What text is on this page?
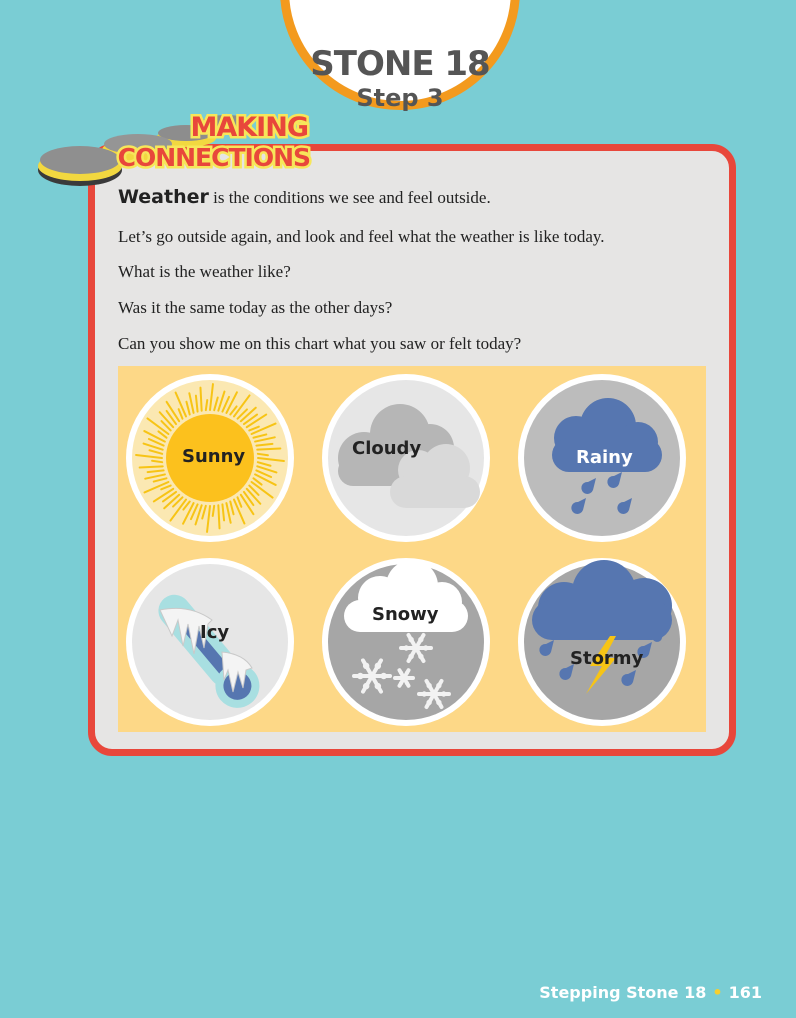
STONE 18
Step 3
MAKING
CONNECTIONS
Weather is the conditions we see and feel outside.
Let’s go outside again, and look and feel what the weather is like today.
What is the weather like?
Was it the same today as the other days?
Can you show me on this chart what you saw or felt today?
Sunny	Cloudy	Rainy
Icy
Snowy
Stormy
Stepping Stone 18 • 161
